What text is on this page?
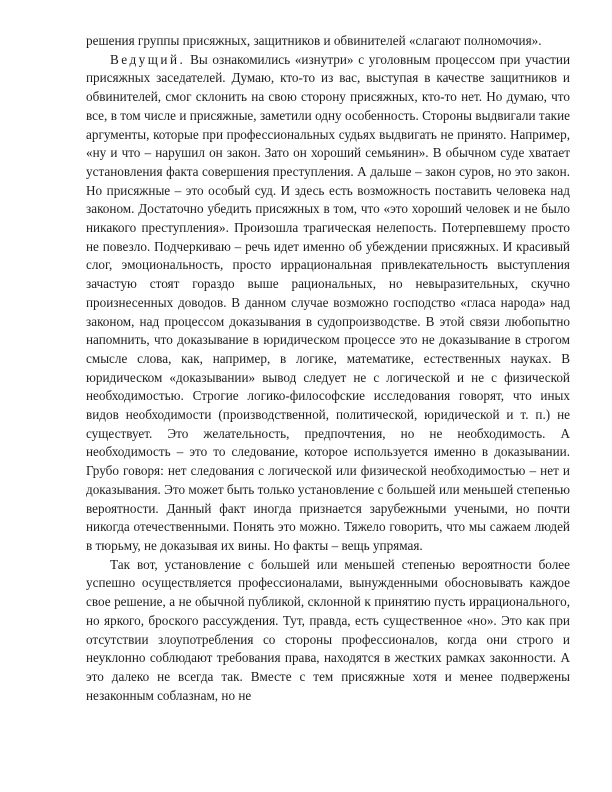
решения группы присяжных, защитников и обвинителей «слагают полномочия».

Ведущий. Вы ознакомились «изнутри» с уголовным процессом при участии присяжных заседателей. Думаю, кто-то из вас, выступая в качестве защитников и обвинителей, смог склонить на свою сторону присяжных, кто-то нет. Но думаю, что все, в том числе и присяжные, заметили одну особенность. Стороны выдвигали такие аргументы, которые при профессиональных судьях выдвигать не принято. Например, «ну и что – нарушил он закон. Зато он хороший семьянин». В обычном суде хватает установления факта совершения преступления. А дальше – закон суров, но это закон. Но присяжные – это особый суд. И здесь есть возможность поставить человека над законом. Достаточно убедить присяжных в том, что «это хороший человек и не было никакого преступления». Произошла трагическая нелепость. Потерпевшему просто не повезло. Подчеркиваю – речь идет именно об убеждении присяжных. И красивый слог, эмоциональность, просто иррациональная привлекательность выступления зачастую стоят гораздо выше рациональных, но невыразительных, скучно произнесенных доводов. В данном случае возможно господство «гласа народа» над законом, над процессом доказывания в судопроизводстве. В этой связи любопытно напомнить, что доказывание в юридическом процессе это не доказывание в строгом смысле слова, как, например, в логике, математике, естественных науках. В юридическом «доказывании» вывод следует не с логической и не с физической необходимостью. Строгие логико-философские исследования говорят, что иных видов необходимости (производственной, политической, юридической и т. п.) не существует. Это желательность, предпочтения, но не необходимость. А необходимость – это то следование, которое используется именно в доказывании. Грубо говоря: нет следования с логической или физической необходимостью – нет и доказывания. Это может быть только установление с большей или меньшей степенью вероятности. Данный факт иногда признается зарубежными учеными, но почти никогда отечественными. Понять это можно. Тяжело говорить, что мы сажаем людей в тюрьму, не доказывая их вины. Но факты – вещь упрямая.

Так вот, установление с большей или меньшей степенью вероятности более успешно осуществляется профессионалами, вынужденными обосновывать каждое свое решение, а не обычной публикой, склонной к принятию пусть иррационального, но яркого, броского рассуждения. Тут, правда, есть существенное «но». Это как при отсутствии злоупотребления со стороны профессионалов, когда они строго и неуклонно соблюдают требования права, находятся в жестких рамках законности. А это далеко не всегда так. Вместе с тем присяжные хотя и менее подвержены незаконным соблазнам, но не
